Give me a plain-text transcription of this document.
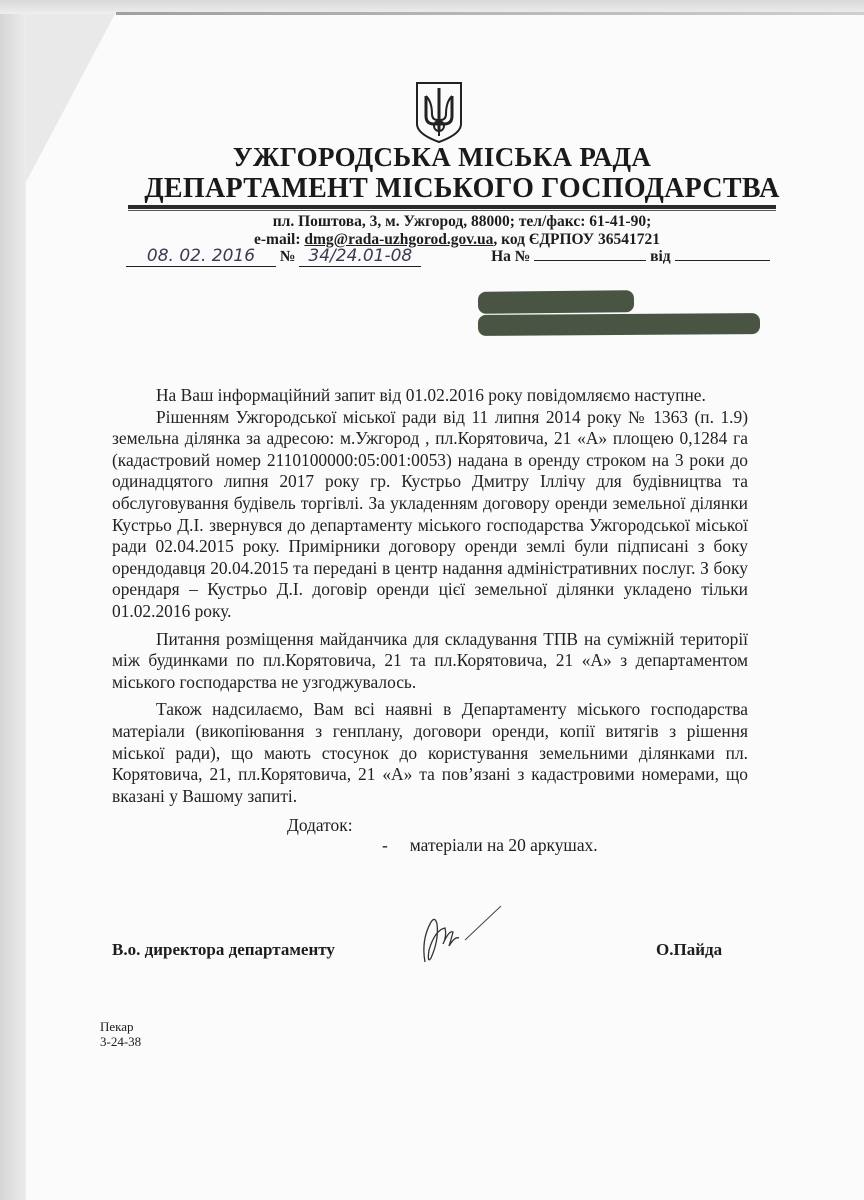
УЖГОРОДСЬКА МІСЬКА РАДА
ДЕПАРТАМЕНТ МІСЬКОГО ГОСПОДАРСТВА
пл. Поштова, 3, м. Ужгород, 88000; тел/факс: 61-41-90;
e-mail: dmg@rada-uzhgorod.gov.ua, код ЄДРПОУ 36541721
08. 02. 2016 № 34/24.01-08	На №	від

На Ваш інформаційний запит від 01.02.2016 року повідомляємо наступне.

Рішенням Ужгородської міської ради від 11 липня 2014 року № 1363 (п. 1.9) земельна ділянка за адресою: м.Ужгород , пл.Корятовича, 21 «А» площею 0,1284 га (кадастровий номер 2110100000:05:001:0053) надана в оренду строком на 3 роки до одинадцятого липня 2017 року гр. Кустрьо Дмитру Іллічу для будівництва та обслуговування будівель торгівлі. За укладенням договору оренди земельної ділянки Кустрьо Д.І. звернувся до департаменту міського господарства Ужгородської міської ради 02.04.2015 року. Примірники договору оренди землі були підписані з боку орендодавця 20.04.2015 та передані в центр надання адміністративних послуг. З боку орендаря – Кустрьо Д.І. договір оренди цієї земельної ділянки укладено тільки 01.02.2016 року.

Питання розміщення майданчика для складування ТПВ на суміжній території між будинками по пл.Корятовича, 21 та пл.Корятовича, 21 «А» з департаментом міського господарства не узгоджувалось.

Також надсилаємо, Вам всі наявні в Департаменту міського господарства матеріали (викопіювання з генплану, договори оренди, копії витягів з рішення міської ради), що мають стосунок до користування земельними ділянками пл. Корятовича, 21, пл.Корятовича, 21 «А» та пов’язані з кадастровими номерами, що вказані у Вашому запиті.

Додаток:
- матеріали на 20 аркушах.
В.о. директора департаменту	О.Пайда
Пекар
3-24-38
